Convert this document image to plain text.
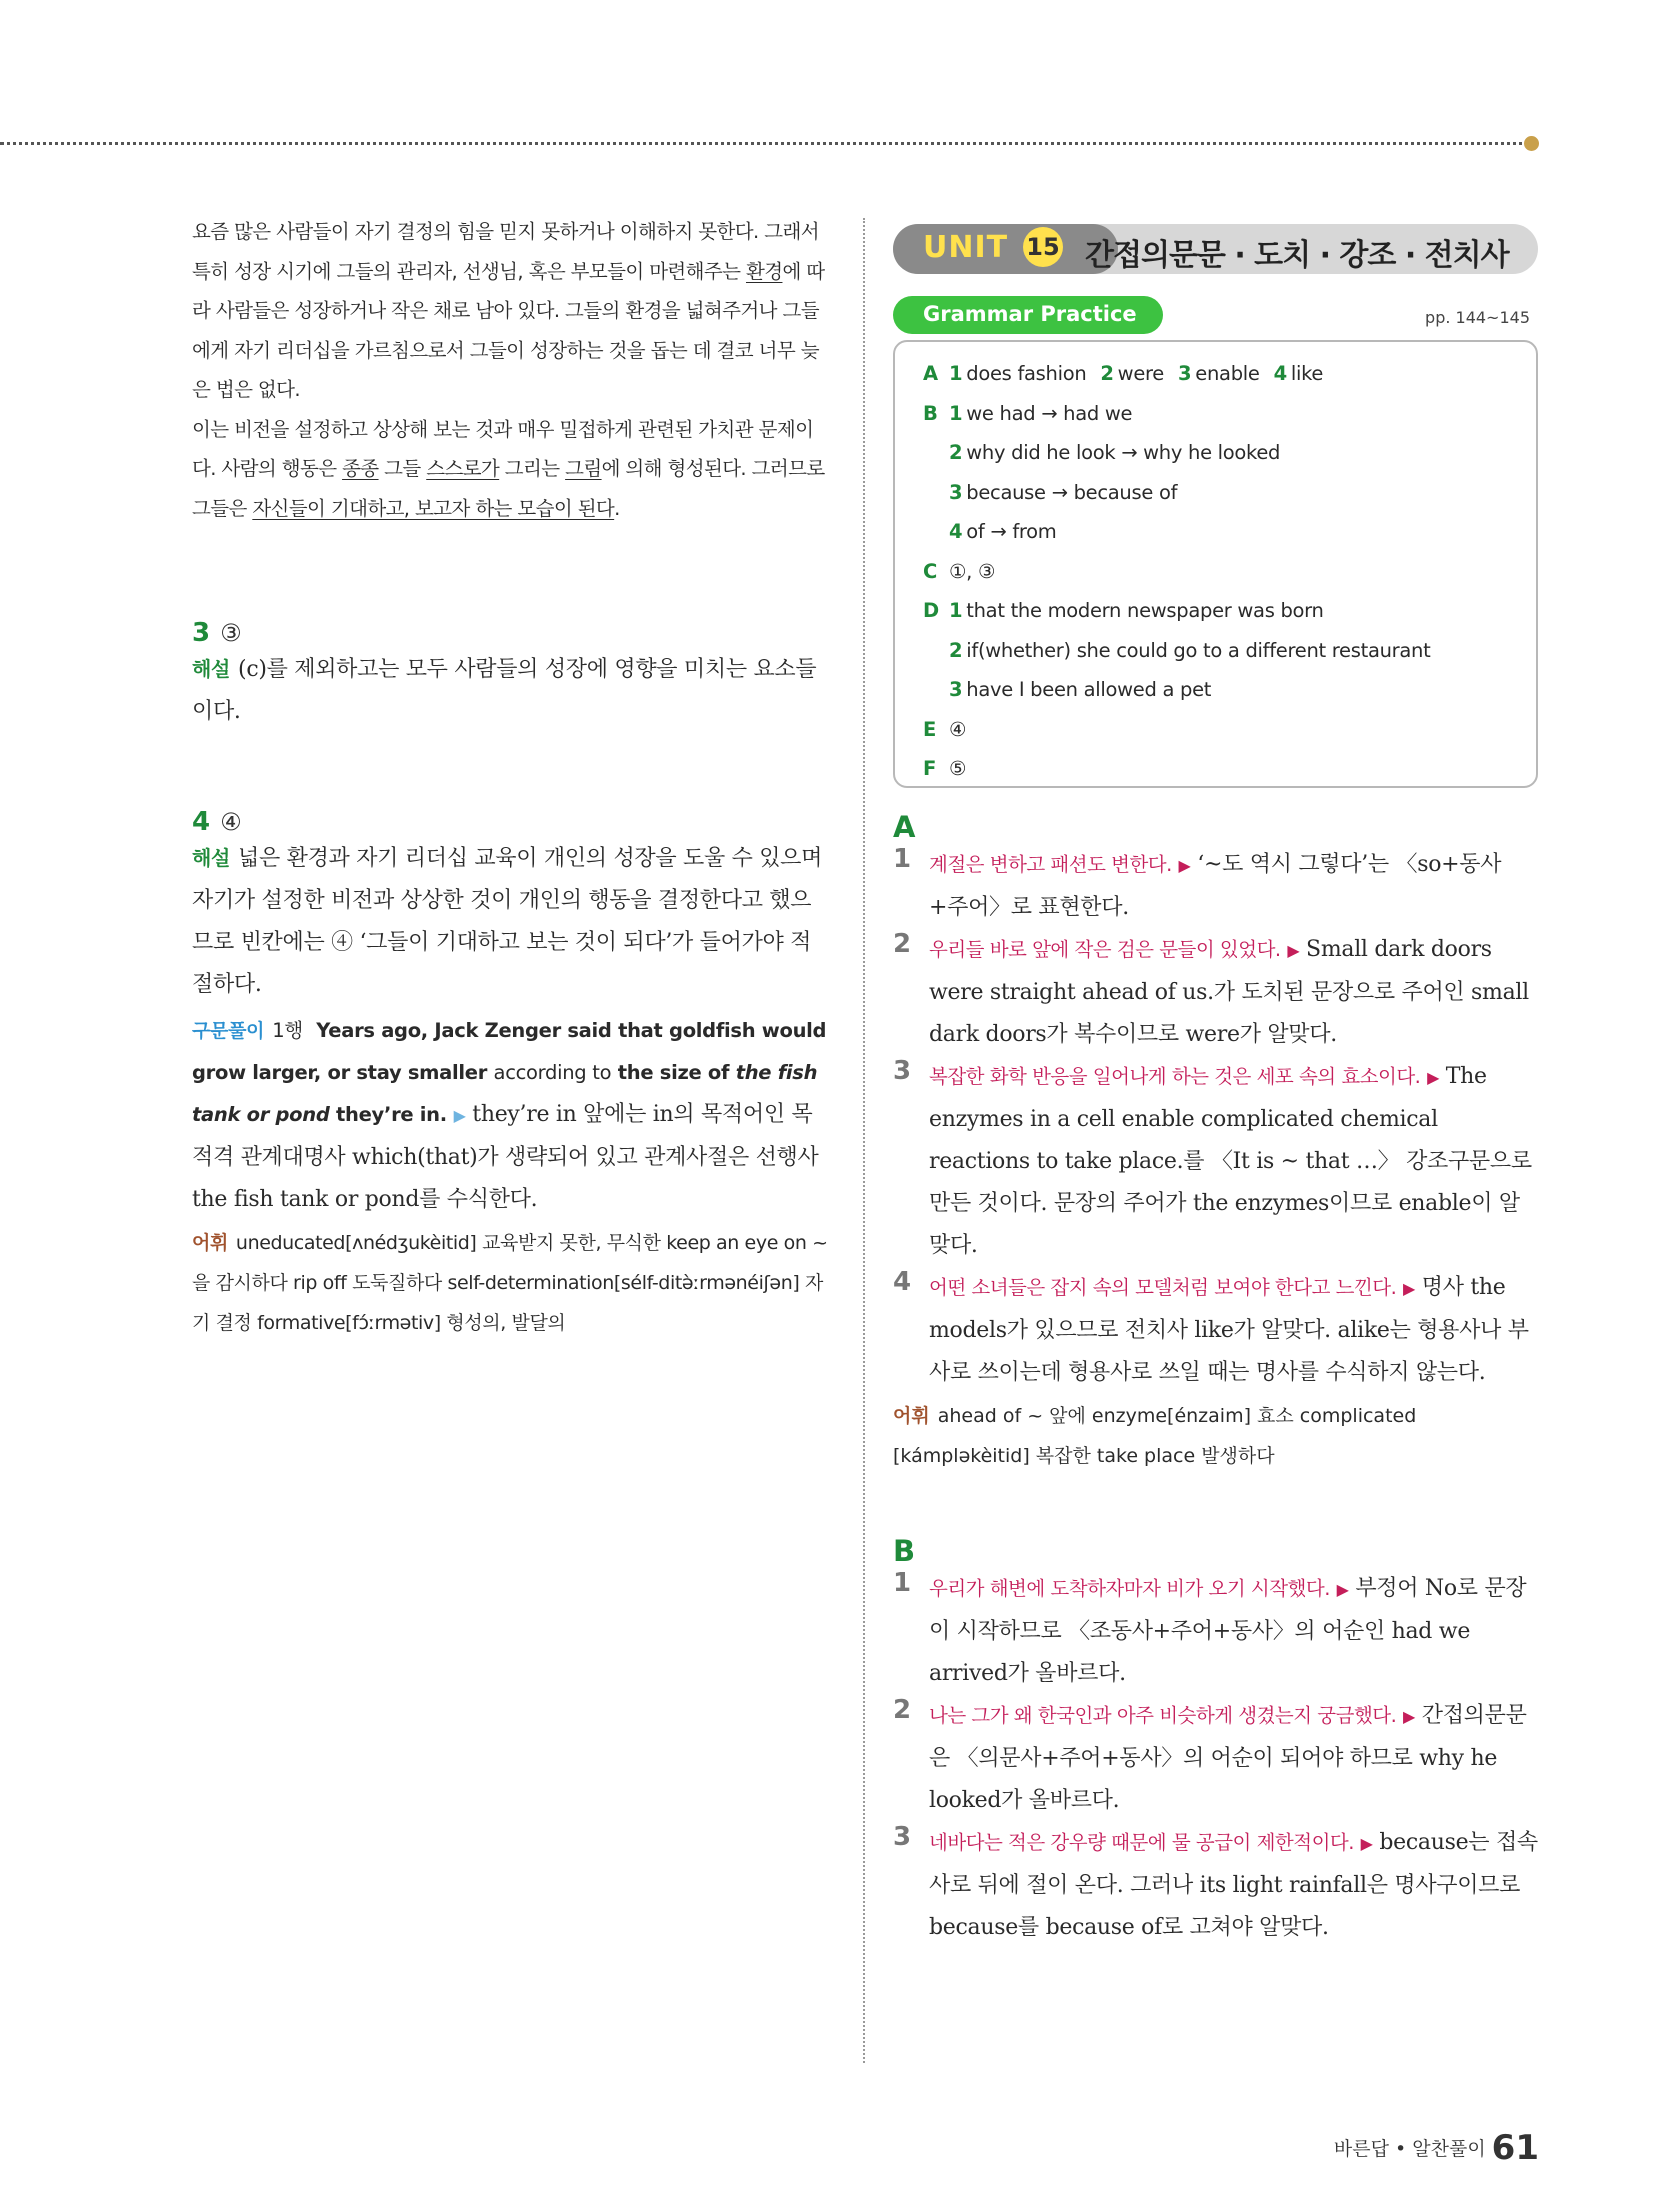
요즘 많은 사람들이 자기 결정의 힘을 믿지 못하거나 이해하지 못한다. 그래서 특히 성장 시기에 그들의 관리자, 선생님, 혹은 부모들이 마련해주는 환경에 따라 사람들은 성장하거나 작은 채로 남아 있다. 그들의 환경을 넓혀주거나 그들에게 자기 리더십을 가르침으로서 그들이 성장하는 것을 돕는 데 결코 너무 늦은 법은 없다.

이는 비전을 설정하고 상상해 보는 것과 매우 밀접하게 관련된 가치관 문제이다. 사람의 행동은 종종 그들 스스로가 그리는 그림에 의해 형성된다. 그러므로 그들은 자신들이 기대하고, 보고자 하는 모습이 된다.

3 ③

해설 (c)를 제외하고는 모두 사람들의 성장에 영향을 미치는 요소들이다.

4 ④

해설 넓은 환경과 자기 리더십 교육이 개인의 성장을 도울 수 있으며 자기가 설정한 비전과 상상한 것이 개인의 행동을 결정한다고 했으므로 빈칸에는 ④ ‘그들이 기대하고 보는 것이 되다’가 들어가야 적절하다.

구문풀이 1행 Years ago, Jack Zenger said that goldfish would grow larger, or stay smaller according to the size of the fish tank or pond they’re in. ▶ they’re in 앞에는 in의 목적어인 목적격 관계대명사 which(that)가 생략되어 있고 관계사절은 선행사 the fish tank or pond를 수식한다.

어휘 uneducated[ʌnédʒukèitid] 교육받지 못한, 무식한 keep an eye on ~을 감시하다 rip off 도둑질하다 self-determination[sélf-ditə̀ːrmənéiʃən] 자기 결정 formative[fɔ́ːrmətiv] 형성의, 발달의

UNIT 15 간접의문문 · 도치 · 강조 · 전치사
Grammar Practice	pp. 144~145
A 1 does fashion 2 were 3 enable 4 like
B 1 we had → had we
2 why did he look → why he looked
3 because → because of
4 of → from
C ①, ③
D 1 that the modern newspaper was born
2 if(whether) she could go to a different restaurant
3 have I been allowed a pet
E ④
F ⑤

A

1 계절은 변하고 패션도 변한다. ▶ ‘~도 역시 그렇다’는 〈so+동사+주어〉로 표현한다.

2 우리들 바로 앞에 작은 검은 문들이 있었다. ▶ Small dark doors were straight ahead of us.가 도치된 문장으로 주어인 small dark doors가 복수이므로 were가 알맞다.

3 복잡한 화학 반응을 일어나게 하는 것은 세포 속의 효소이다. ▶ The enzymes in a cell enable complicated chemical reactions to take place.를 〈It is ~ that …〉 강조구문으로 만든 것이다. 문장의 주어가 the enzymes이므로 enable이 알맞다.

4 어떤 소녀들은 잡지 속의 모델처럼 보여야 한다고 느낀다. ▶ 명사 the models가 있으므로 전치사 like가 알맞다. alike는 형용사나 부사로 쓰이는데 형용사로 쓰일 때는 명사를 수식하지 않는다.

어휘 ahead of ~ 앞에 enzyme[énzaim] 효소 complicated [kámpləkèitid] 복잡한 take place 발생하다

B

1 우리가 해변에 도착하자마자 비가 오기 시작했다. ▶ 부정어 No로 문장이 시작하므로 〈조동사+주어+동사〉의 어순인 had we arrived가 올바르다.

2 나는 그가 왜 한국인과 아주 비슷하게 생겼는지 궁금했다. ▶ 간접의문문은 〈의문사+주어+동사〉의 어순이 되어야 하므로 why he looked가 올바르다.

3 네바다는 적은 강우량 때문에 물 공급이 제한적이다. ▶ because는 접속사로 뒤에 절이 온다. 그러나 its light rainfall은 명사구이므로 because를 because of로 고쳐야 알맞다.

바른답 • 알찬풀이 61
